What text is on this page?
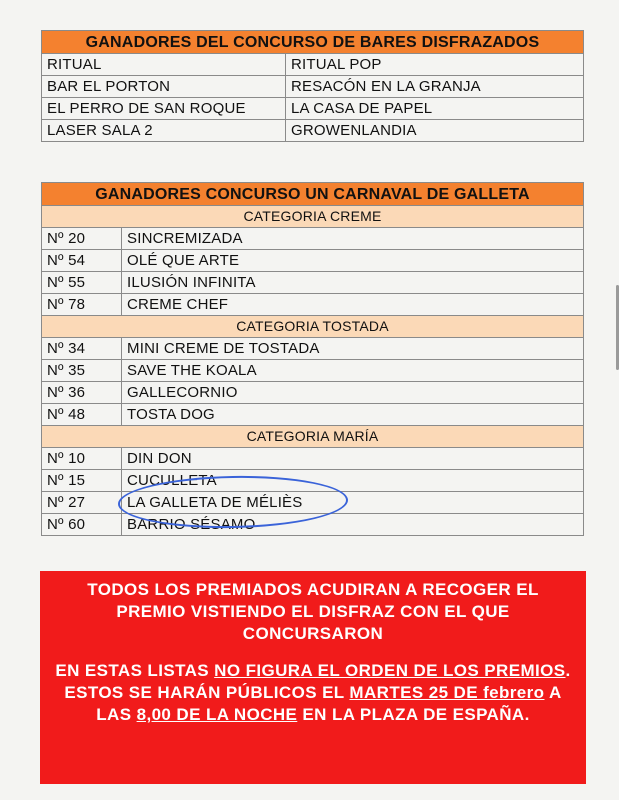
GANADORES DEL CONCURSO DE BARES DISFRAZADOS	
RITUAL	RITUAL POP
BAR EL PORTON	RESACÓN EN LA GRANJA
EL PERRO DE SAN ROQUE	LA CASA DE PAPEL
LASER SALA 2	GROWENLANDIA
GANADORES CONCURSO UN CARNAVAL DE GALLETA	
CATEGORIA CREME	
Nº 20	SINCREMIZADA
Nº 54	OLÉ QUE ARTE
Nº 55	ILUSIÓN INFINITA
Nº 78	CREME CHEF
CATEGORIA TOSTADA	
Nº 34	MINI CREME DE TOSTADA
Nº 35	SAVE THE KOALA
Nº 36	GALLECORNIO
Nº 48	TOSTA DOG
CATEGORIA MARÍA	
Nº 10	DIN DON
Nº 15	CUCULLETA
Nº 27	LA GALLETA DE MÉLIÈS
Nº 60	BARRIO SÉSAMO
TODOS LOS PREMIADOS ACUDIRAN A RECOGER EL PREMIO VISTIENDO EL DISFRAZ CON EL QUE CONCURSARON
EN ESTAS LISTAS NO FIGURA EL ORDEN DE LOS PREMIOS. ESTOS SE HARÁN PÚBLICOS EL MARTES 25 DE febrero A LAS 8,00 DE LA NOCHE EN LA PLAZA DE ESPAÑA.
